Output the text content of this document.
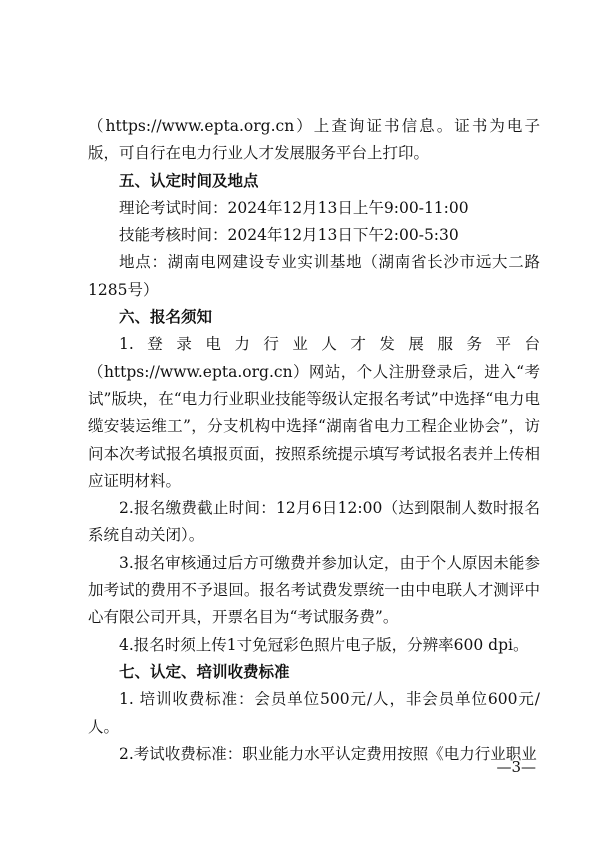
（https://www.epta.org.cn）上查询证书信息。证书为电子版，可自行在电力行业人才发展服务平台上打印。

五、认定时间及地点

理论考试时间：2024年12月13日上午9:00-11:00

技能考核时间：2024年12月13日下午2:00-5:30

地点：湖南电网建设专业实训基地（湖南省长沙市远大二路1285号）

六、报名须知

1.登录电力行业人才发展服务平台（https://www.epta.org.cn）网站，个人注册登录后，进入“考试”版块，在“电力行业职业技能等级认定报名考试”中选择“电力电缆安装运维工”，分支机构中选择“湖南省电力工程企业协会”，访问本次考试报名填报页面，按照系统提示填写考试报名表并上传相应证明材料。

2.报名缴费截止时间：12月6日12:00（达到限制人数时报名系统自动关闭）。

3.报名审核通过后方可缴费并参加认定，由于个人原因未能参加考试的费用不予退回。报名考试费发票统一由中电联人才测评中心有限公司开具，开票名目为“考试服务费”。

4.报名时须上传1寸免冠彩色照片电子版，分辨率600 dpi。

七、认定、培训收费标准

1. 培训收费标准：会员单位500元/人，非会员单位600元/人。

2.考试收费标准：职业能力水平认定费用按照《电力行业职业

—3—
